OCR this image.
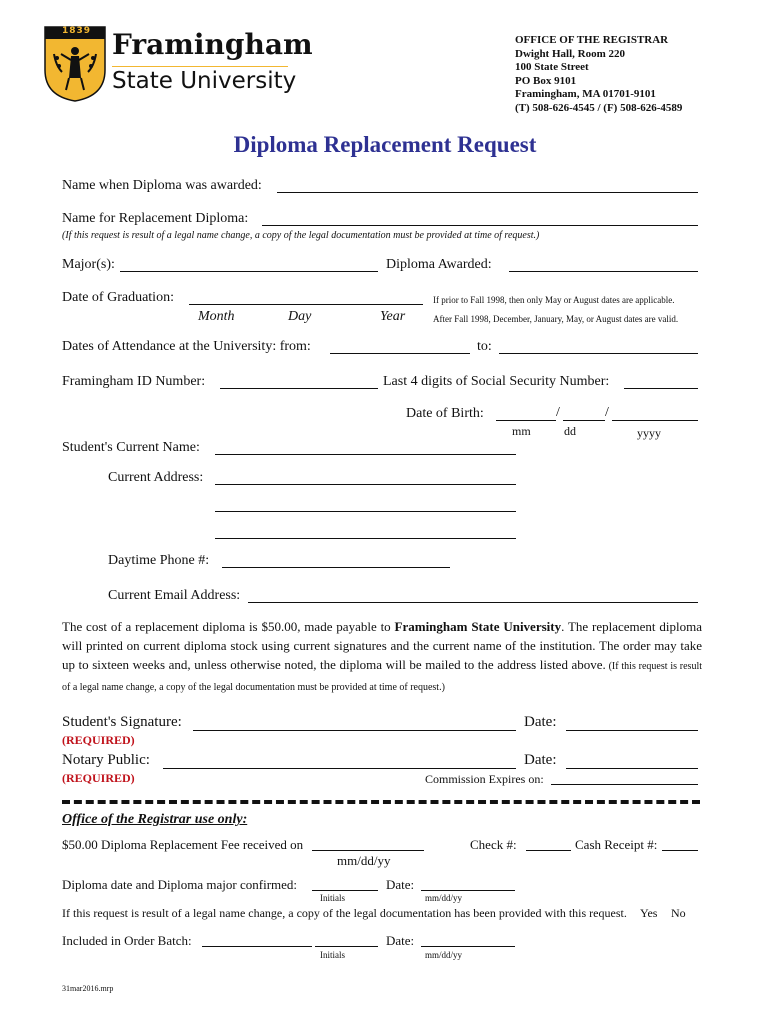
1839 Framingham
State University
OFFICE OF THE REGISTRAR
Dwight Hall, Room 220
100 State Street
PO Box 9101
Framingham, MA 01701-9101
(T) 508-626-4545 / (F) 508-626-4589
Diploma Replacement Request
Name when Diploma was awarded:
Name for Replacement Diploma:
(If this request is result of a legal name change, a copy of the legal documentation must be provided at time of request.)
Major(s):	Diploma Awarded:
Date of Graduation:
Month	Day	Year
If prior to Fall 1998, then only May or August dates are applicable.
After Fall 1998, December, January, May, or August dates are valid.
Dates of Attendance at the University: from:	to:
Framingham ID Number:	Last 4 digits of Social Security Number:
Date of Birth:	/	/
mm	dd	yyyy
Student's Current Name:
Current Address:
Daytime Phone #:
Current Email Address:
The cost of a replacement diploma is $50.00, made payable to Framingham State University. The replacement diploma will printed on current diploma stock using current signatures and the current name of the institution. The order may take up to sixteen weeks and, unless otherwise noted, the diploma will be mailed to the address listed above. (If this request is result of a legal name change, a copy of the legal documentation must be provided at time of request.)
Student's Signature:	Date:
(REQUIRED)
Notary Public:	Date:
(REQUIRED)	Commission Expires on:
Office of the Registrar use only:
$50.00 Diploma Replacement Fee received on	Check #:	Cash Receipt #:
mm/dd/yy
Diploma date and Diploma major confirmed:	Date:
Initials	mm/dd/yy
If this request is result of a legal name change, a copy of the legal documentation has been provided with this request. Yes No
Included in Order Batch:	Date:
Initials	mm/dd/yy
31mar2016.mrp
